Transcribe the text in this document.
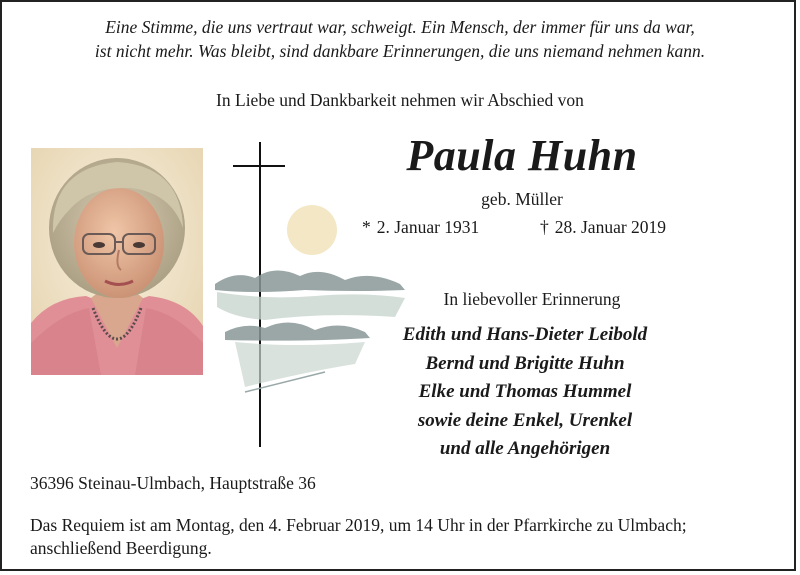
Eine Stimme, die uns vertraut war, schweigt. Ein Mensch, der immer für uns da war,
ist nicht mehr. Was bleibt, sind dankbare Erinnerungen, die uns niemand nehmen kann.
In Liebe und Dankbarkeit nehmen wir Abschied von
Paula Huhn
geb. Müller
* 2. Januar 1931	† 28. Januar 2019
In liebevoller Erinnerung
Edith und Hans-Dieter Leibold
Bernd und Brigitte Huhn
Elke und Thomas Hummel
sowie deine Enkel, Urenkel
und alle Angehörigen
36396 Steinau-Ulmbach, Hauptstraße 36
Das Requiem ist am Montag, den 4. Februar 2019, um 14 Uhr in der Pfarrkirche zu Ulmbach;
anschließend Beerdigung.
